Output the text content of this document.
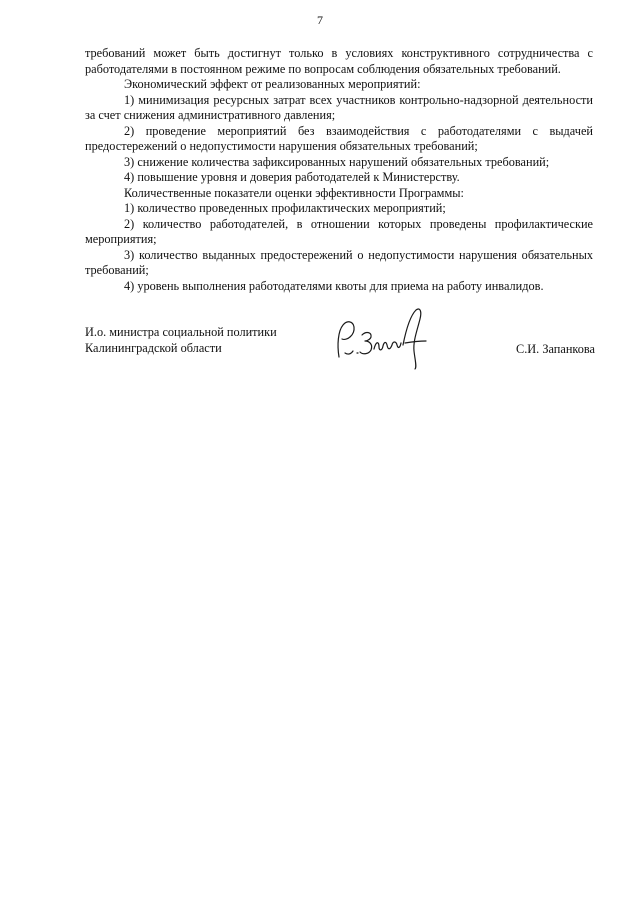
7

требований может быть достигнут только в условиях конструктивного сотрудничества с работодателями в постоянном режиме по вопросам соблюдения обязательных требований.

Экономический эффект от реализованных мероприятий:

1) минимизация ресурсных затрат всех участников контрольно-надзорной деятельности за счет снижения административного давления;

2) проведение мероприятий без взаимодействия с работодателями с выдачей предостережений о недопустимости нарушения обязательных требований;

3) снижение количества зафиксированных нарушений обязательных требований;

4) повышение уровня и доверия работодателей к Министерству.

Количественные показатели оценки эффективности Программы:

1) количество проведенных профилактических мероприятий;

2) количество работодателей, в отношении которых проведены профилактические мероприятия;

3) количество выданных предостережений о недопустимости нарушения обязательных требований;

4) уровень выполнения работодателями квоты для приема на работу инвалидов.

И.о. министра социальной политики
Калининградской области	С.И. Запанкова
